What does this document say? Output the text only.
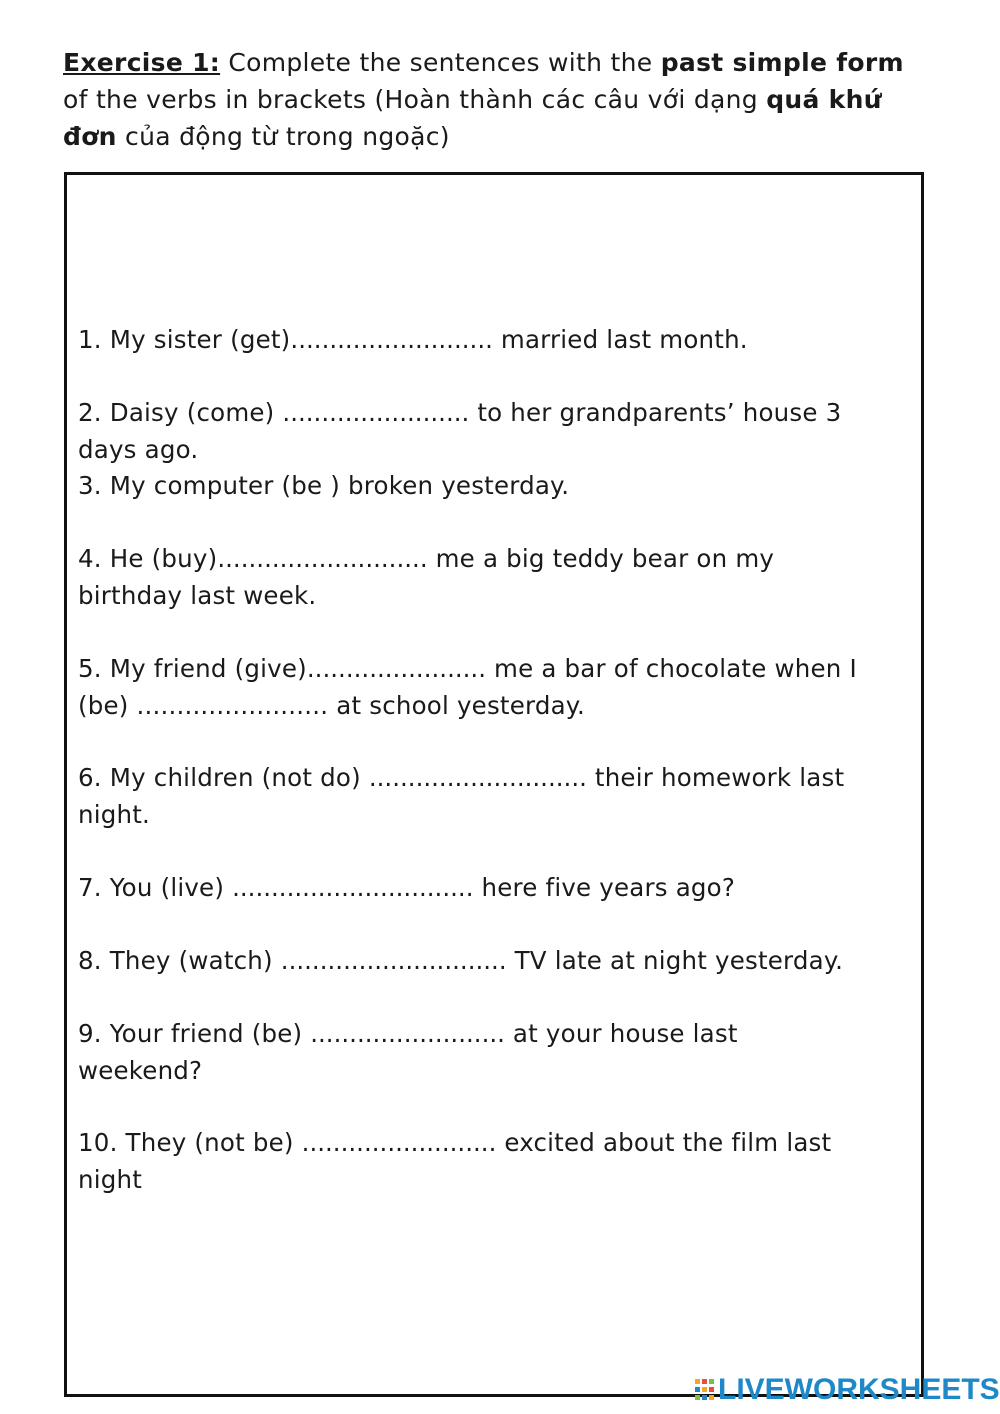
Exercise 1: Complete the sentences with the past simple form of the verbs in brackets (Hoàn thành các câu với dạng quá khứ đơn của động từ trong ngoặc)
1. My sister (get).......................... married last month.
2. Daisy (come) ........................ to her grandparents’ house 3
days ago.
3. My computer (be ) broken yesterday.
4. He (buy)........................... me a big teddy bear on my
birthday last week.
5. My friend (give)....................... me a bar of chocolate when I
(be) ........................ at school yesterday.
6. My children (not do) ............................ their homework last
night.
7. You (live) ............................... here five years ago?
8. They (watch) ............................. TV late at night yesterday.
9. Your friend (be) ......................... at your house last
weekend?
10. They (not be) ......................... excited about the film last
night
LIVEWORKSHEETS
